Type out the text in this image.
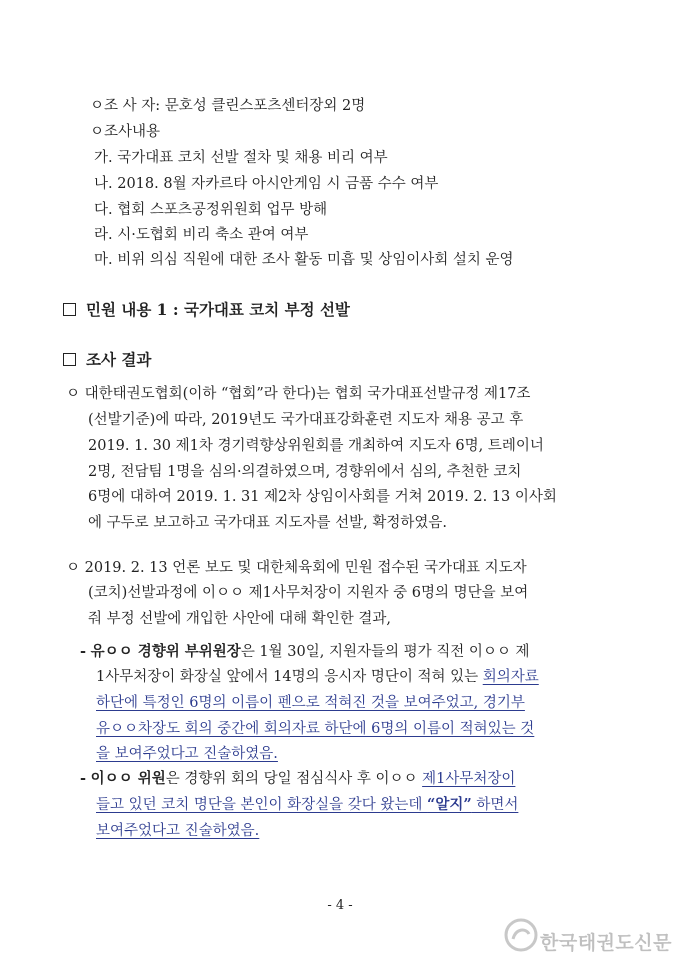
ㅇ조 사 자: 문호성 클린스포츠센터장외 2명
ㅇ조사내용
가. 국가대표 코치 선발 절차 및 채용 비리 여부
나. 2018. 8월 자카르타 아시안게임 시 금품 수수 여부
다. 협회 스포츠공정위원회 업무 방해
라. 시·도협회 비리 축소 관여 여부
마. 비위 의심 직원에 대한 조사 활동 미흡 및 상임이사회 설치 운영
민원 내용 1 : 국가대표 코치 부정 선발
조사 결과
ㅇ 대한태권도협회(이하 “협회”라 한다)는 협회 국가대표선발규정 제17조
(선발기준)에 따라, 2019년도 국가대표강화훈련 지도자 채용 공고 후
2019. 1. 30 제1차 경기력향상위원회를 개최하여 지도자 6명, 트레이너
2명, 전담팀 1명을 심의·의결하였으며, 경향위에서 심의, 추천한 코치
6명에 대하여 2019. 1. 31 제2차 상임이사회를 거쳐 2019. 2. 13 이사회
에 구두로 보고하고 국가대표 지도자를 선발, 확정하였음.
ㅇ 2019. 2. 13 언론 보도 및 대한체육회에 민원 접수된 국가대표 지도자
(코치)선발과정에 이ㅇㅇ 제1사무처장이 지원자 중 6명의 명단을 보여
줘 부정 선발에 개입한 사안에 대해 확인한 결과,
- 유ㅇㅇ 경향위 부위원장은 1월 30일, 지원자들의 평가 직전 이ㅇㅇ 제
1사무처장이 화장실 앞에서 14명의 응시자 명단이 적혀 있는 회의자료
하단에 특정인 6명의 이름이 펜으로 적혀진 것을 보여주었고, 경기부
유ㅇㅇ차장도 회의 중간에 회의자료 하단에 6명의 이름이 적혀있는 것
을 보여주었다고 진술하였음.
- 이ㅇㅇ 위원은 경향위 회의 당일 점심식사 후 이ㅇㅇ 제1사무처장이
들고 있던 코치 명단을 본인이 화장실을 갖다 왔는데 “알지” 하면서
보여주었다고 진술하였음.
- 4 -
한국태권도신문
